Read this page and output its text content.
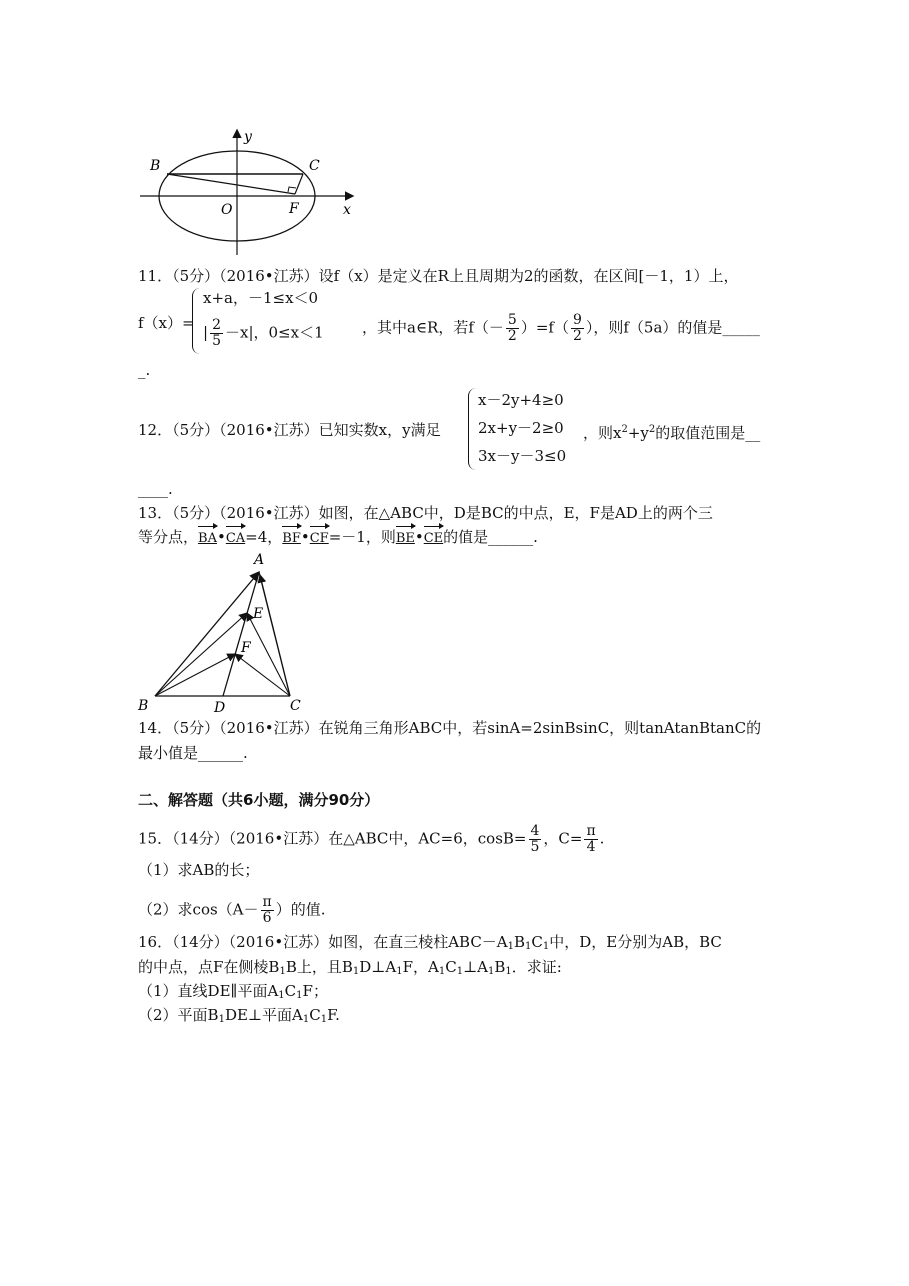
y
B	C
O	F	x
11．（5分）（2016•江苏）设f（x）是定义在R上且周期为2的函数，在区间[－1，1）上，
f（x）=
x+a，－1≤x＜0
| $\frac{2}{5} -x|$，0≤x＜1	，其中a∈R，若$f(- \frac{5}{2} )=f( \frac{9}{2}$ ），则f（5a）的值是_____
_.
12．（5分）（2016•江苏）已知实数x，y满足
x－2y+4≥0
2x+y－2≥0
3x－y－3≤0
，则$x^2+y^2$的取值范围是__
____.
13．（5分）（2016•江苏）如图，在△ABC中，D是BC的中点，E，F是AD上的两个三
等分点，BA•CA=4，BF•CF=－1，则BE•CE的值是______.
A
E
F
B	D	C
14．（5分）（2016•江苏）在锐角三角形ABC中，若sinA=2sinBsinC，则tanAtanBtanC的
最小值是______.
二、解答题（共6小题，满分90分）
15．（14分）（2016•江苏）在△ABC中，AC=6，$\cos B= \frac{4}{5}$ ，$C= \frac{\pi}{4}$ .
（1）求AB的长；
（2）求$\cos(A- \frac{\pi}{6}$ ）的值.
16．（14分）（2016•江苏）如图，在直三棱柱$ABC-A_1B_1C_1$中，D，E分别为AB，BC
的中点，点F在侧棱$B_1B$上，且$B_1D\perp A_1F$，$A_1C_1\perp A_1B_1$．求证:
（1）直线DE∥平面$A_1C_1F$；
（2）平面$B_1DE\perp$平面$A_1C_1F$.
